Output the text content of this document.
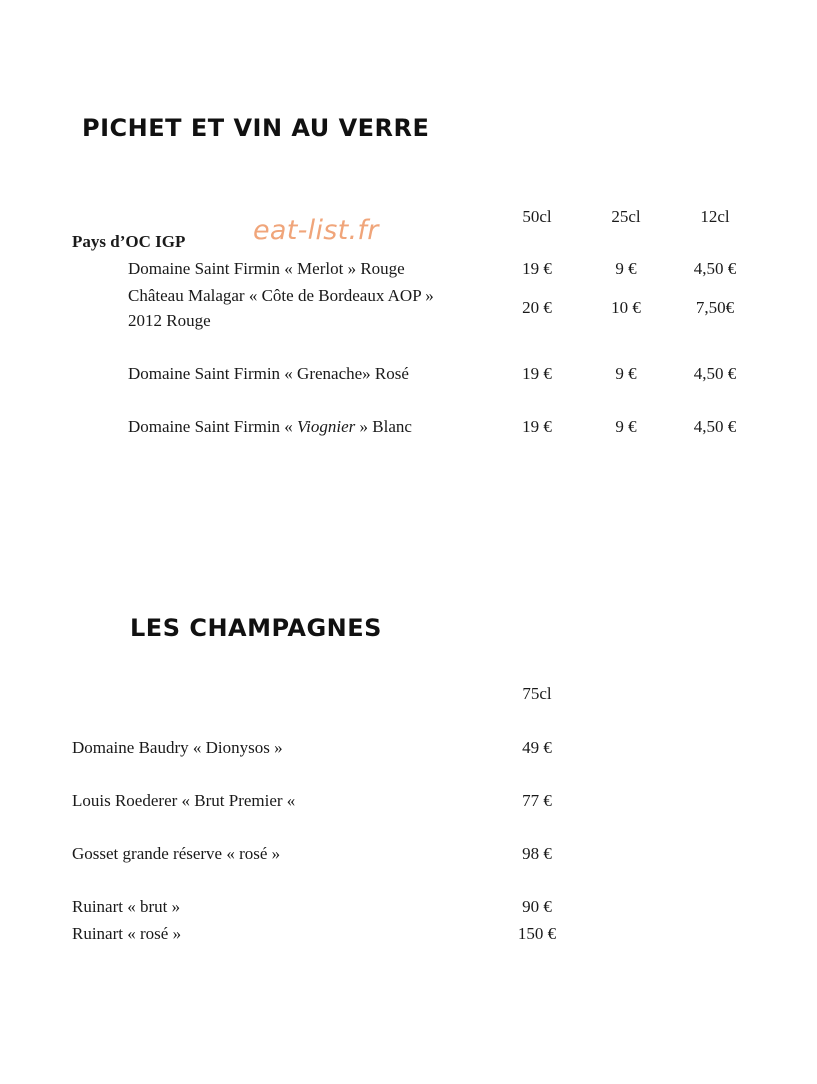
PICHET ET VIN AU VERRE
eat-list.fr	50cl	25cl	12cl
Pays d’OC IGP
Domaine Saint Firmin « Merlot » Rouge	19 €	9 €	4,50 €
Château Malagar « Côte de Bordeaux AOP »
2012 Rouge
20 €	10 €	7,50€
Domaine Saint Firmin « Grenache» Rosé	19 €	9 €	4,50 €
Domaine Saint Firmin « Viognier » Blanc	19 €	9 €	4,50 €
LES CHAMPAGNES
75cl
Domaine Baudry « Dionysos »	49 €
Louis Roederer « Brut Premier «	77 €
Gosset grande réserve « rosé »	98 €
Ruinart « brut »	90 €
Ruinart « rosé »	150 €
